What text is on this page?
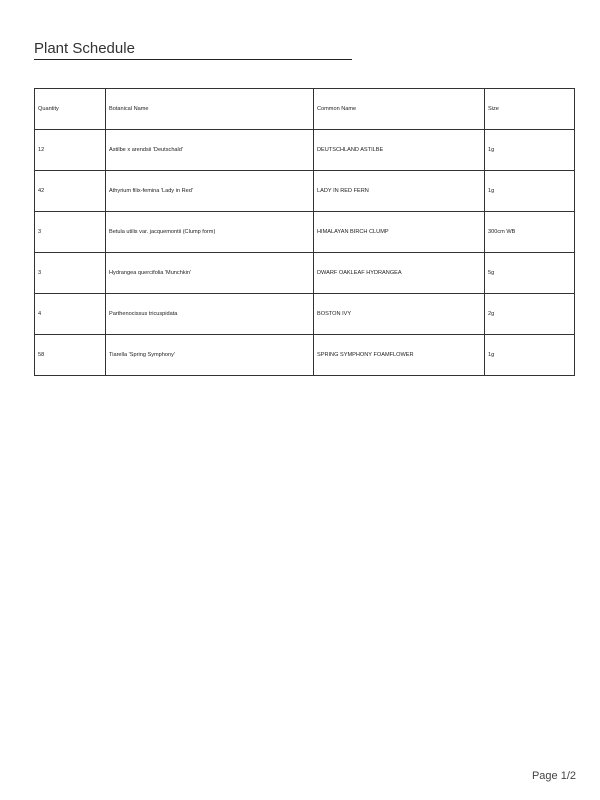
Plant Schedule
Quantity	Botanical Name	Common Name	Size
12	Astilbe x arendsii 'Deutschald'	DEUTSCHLAND ASTILBE	1g
42	Athyrium filix-femina 'Lady in Red'	LADY IN RED FERN	1g
3	Betula utilis var. jacquemontii (Clump form)	HIMALAYAN BIRCH CLUMP	300cm WB
3	Hydrangea quercifolia 'Munchkin'	DWARF OAKLEAF HYDRANGEA	5g
4	Parthenocissus tricuspidata	BOSTON IVY	2g
58	Tiarella 'Spring Symphony'	SPRING SYMPHONY FOAMFLOWER	1g
Page 1/2
